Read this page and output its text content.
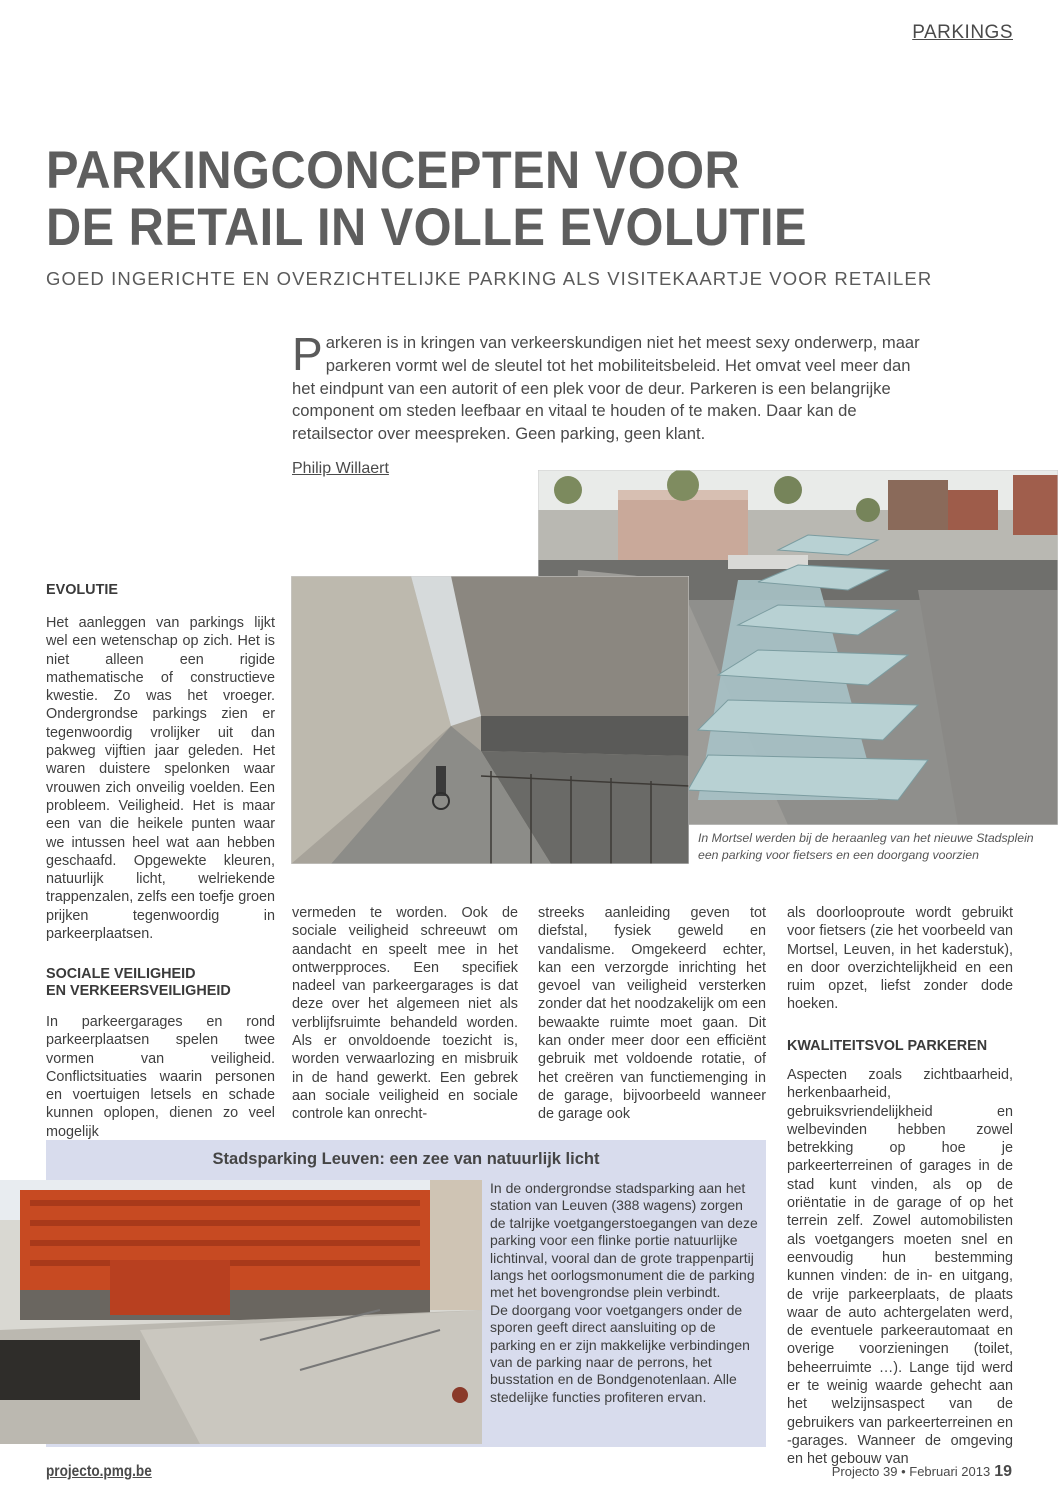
PARKINGS
PARKINGCONCEPTEN VOOR
DE RETAIL IN VOLLE EVOLUTIE
GOED INGERICHTE EN OVERZICHTELIJKE PARKING ALS VISITEKAARTJE VOOR RETAILER
Parkeren is in kringen van verkeerskundigen niet het meest sexy onderwerp, maar parkeren vormt wel de sleutel tot het mobiliteitsbeleid. Het omvat veel meer dan het eindpunt van een autorit of een plek voor de deur. Parkeren is een belangrijke component om steden leefbaar en vitaal te houden of te maken. Daar kan de retailsector over meespreken. Geen parking, geen klant.
Philip Willaert
In Mortsel werden bij de heraanleg van het nieuwe Stadsplein een parking voor fietsers en een doorgang voorzien
EVOLUTIE
Het aanleggen van parkings lijkt wel een wetenschap op zich. Het is niet alleen een rigide mathematische of constructieve kwestie. Zo was het vroeger. Ondergrondse parkings zien er tegenwoordig vrolijker uit dan pakweg vijftien jaar geleden. Het waren duistere spelonken waar vrouwen zich onveilig voelden. Een probleem. Veiligheid. Het is maar een van die heikele punten waar we intussen heel wat aan hebben geschaafd. Opgewekte kleuren, natuurlijk licht, welriekende trappenzalen, zelfs een toefje groen prijken tegenwoordig in parkeerplaatsen.
SOCIALE VEILIGHEID
EN VERKEERSVEILIGHEID
In parkeergarages en rond parkeerplaatsen spelen twee vormen van veiligheid. Conflictsituaties waarin personen en voertuigen letsels en schade kunnen oplopen, dienen zo veel mogelijk
vermeden te worden. Ook de sociale veiligheid schreeuwt om aandacht en speelt mee in het ontwerpproces. Een specifiek nadeel van parkeergarages is dat deze over het algemeen niet als verblijfsruimte behandeld worden. Als er onvoldoende toezicht is, worden verwaarlozing en misbruik in de hand gewerkt. Een gebrek aan sociale veiligheid en sociale controle kan onrecht-
streeks aanleiding geven tot diefstal, fysiek geweld en vandalisme. Omgekeerd echter, kan een verzorgde inrichting het gevoel van veiligheid versterken zonder dat het noodzakelijk om een bewaakte ruimte moet gaan. Dit kan onder meer door een efficiënt gebruik met voldoende rotatie, of het creëren van functiemenging in de garage, bijvoorbeeld wanneer de garage ook
als doorlooproute wordt gebruikt voor fietsers (zie het voorbeeld van Mortsel, Leuven, in het kaderstuk), en door overzichtelijkheid en een ruim opzet, liefst zonder dode hoeken.
KWALITEITSVOL PARKEREN
Aspecten zoals zichtbaarheid, herkenbaarheid, gebruiksvriendelijkheid en welbevinden hebben zowel betrekking op hoe je parkeerterreinen of garages in de stad kunt vinden, als op de oriëntatie in de garage of op het terrein zelf. Zowel automobilisten als voetgangers moeten snel en eenvoudig hun bestemming kunnen vinden: de in- en uitgang, de vrije parkeerplaats, de plaats waar de auto achtergelaten werd, de eventuele parkeerautomaat en overige voorzieningen (toilet, beheerruimte …). Lange tijd werd er te weinig waarde gehecht aan het welzijnsaspect van de gebruikers van parkeerterreinen en -garages. Wanneer de omgeving en het gebouw van
Stadsparking Leuven: een zee van natuurlijk licht
In de ondergrondse stadsparking aan het station van Leuven (388 wagens) zorgen de talrijke voetgangerstoegangen van deze parking voor een flinke portie natuurlijke lichtinval, vooral dan de grote trappenpartij langs het oorlogsmonument die de parking met het bovengrondse plein verbindt.
De doorgang voor voetgangers onder de sporen geeft direct aansluiting op de parking en er zijn makkelijke verbindingen van de parking naar de perrons, het busstation en de Bondgenotenlaan. Alle stedelijke functies profiteren ervan.
projecto.pmg.be	Projecto 39 • Februari 2013 19
